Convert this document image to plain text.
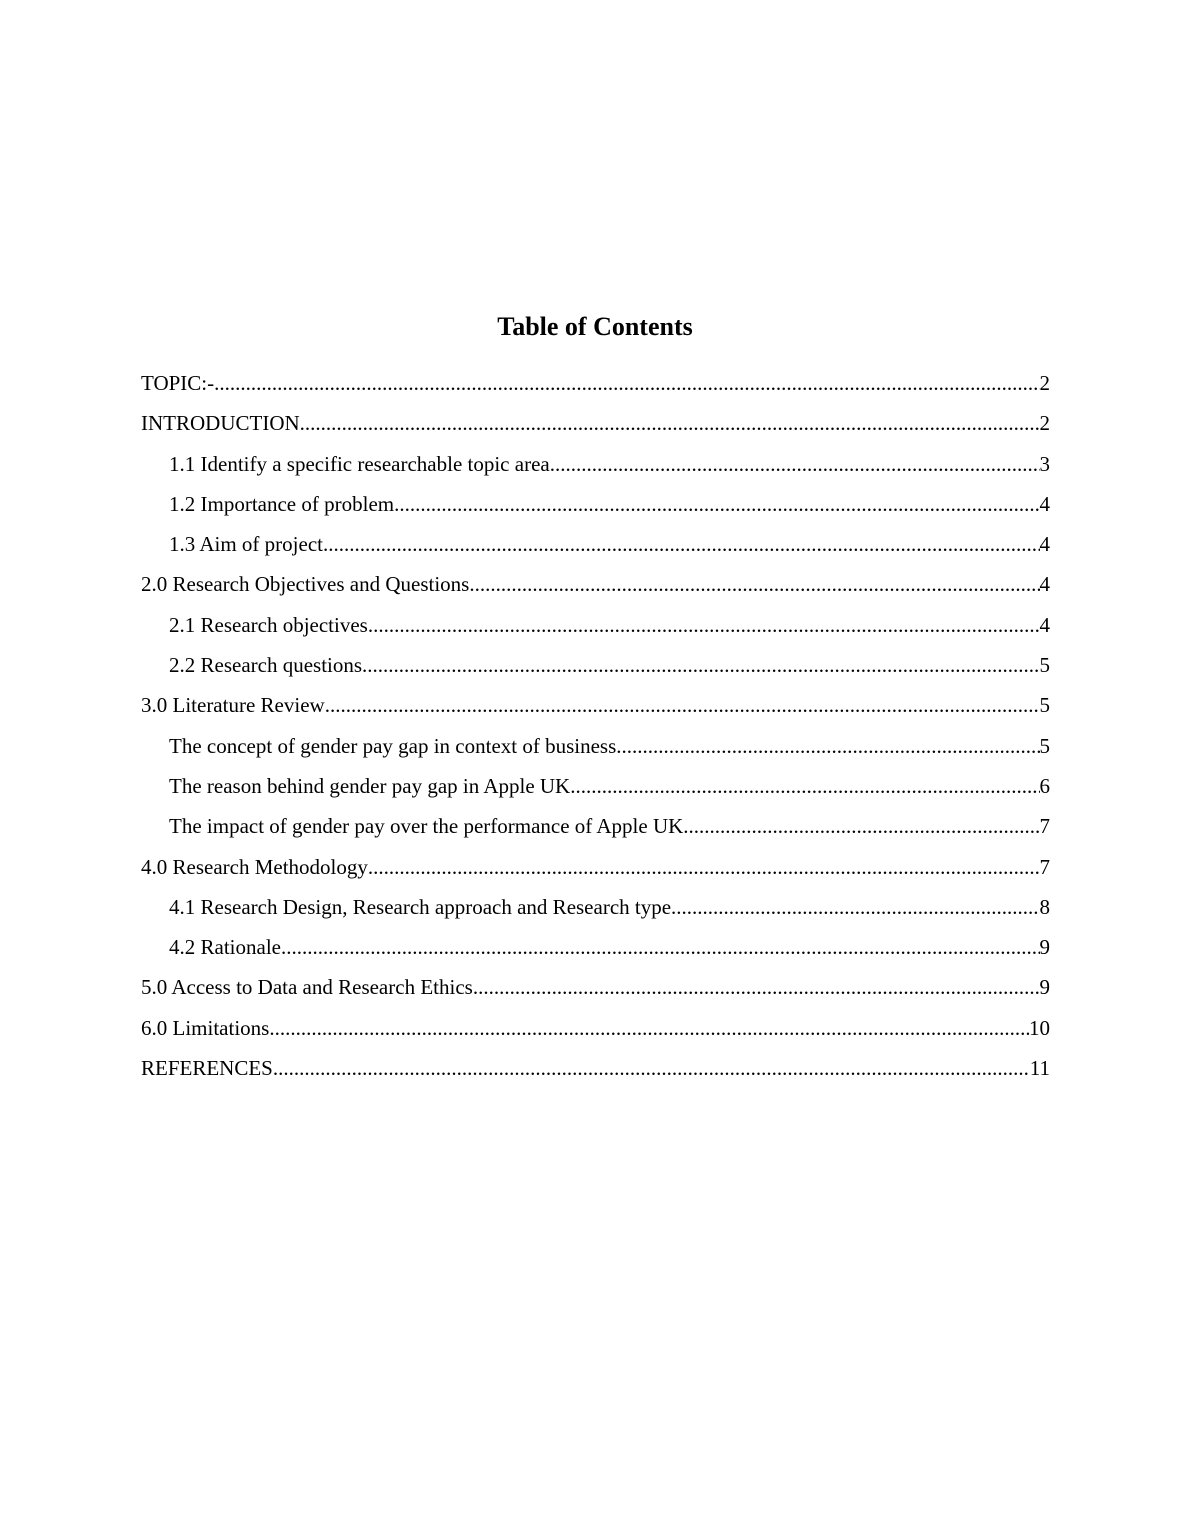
Table of Contents
TOPIC:- .....	2
INTRODUCTION .....	2
1.1 Identify a specific researchable topic area .....	3
1.2 Importance of problem .....	4
1.3 Aim of project .....	4
2.0 Research Objectives and Questions .....	4
2.1 Research objectives .....	4
2.2 Research questions .....	5
3.0 Literature Review .....	5
The concept of gender pay gap in context of business .....	5
The reason behind gender pay gap in Apple UK .....	6
The impact of gender pay over the performance of Apple UK .....	7
4.0 Research Methodology .....	7
4.1 Research Design, Research approach and Research type .....	8
4.2 Rationale .....	9
5.0 Access to Data and Research Ethics .....	9
6.0 Limitations .....	10
REFERENCES .....	11
